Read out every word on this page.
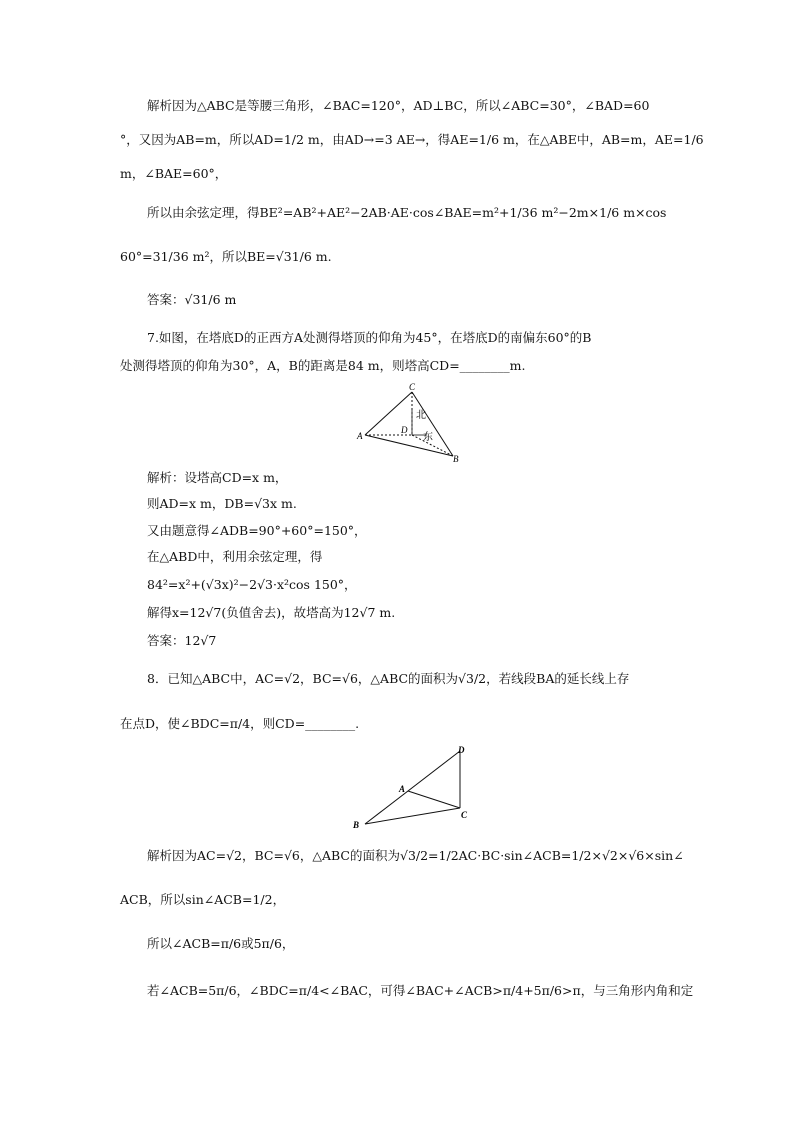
解析因为△ABC是等腰三角形，∠BAC=120°，AD⊥BC，所以∠ABC=30°，∠BAD=60
°，又因为AB=m，所以AD=1/2 m，由AD→=3 AE→，得AE=1/6 m，在△ABE中，AB=m，AE=1/6
m，∠BAE=60°，
所以由余弦定理，得BE²=AB²+AE²−2AB·AE·cos∠BAE=m²+1/36 m²−2m×1/6 m×cos
60°=31/36 m²，所以BE=√31/6 m.
答案：√31/6 m
7.如图，在塔底D的正西方A处测得塔顶的仰角为45°，在塔底D的南偏东60°的B
处测得塔顶的仰角为30°，A，B的距离是84 m，则塔高CD=________m.
C
A
D
B
北
东
解析：设塔高CD=x m，
则AD=x m，DB=√3x m.
又由题意得∠ADB=90°+60°=150°，
在△ABD中，利用余弦定理，得
84²=x²+(√3x)²−2√3·x²cos 150°，
解得x=12√7(负值舍去)，故塔高为12√7 m.
答案：12√7
8．已知△ABC中，AC=√2，BC=√6，△ABC的面积为√3/2，若线段BA的延长线上存
在点D，使∠BDC=π/4，则CD=________.
D
A
C
B
解析因为AC=√2，BC=√6，△ABC的面积为√3/2=1/2AC·BC·sin∠ACB=1/2×√2×√6×sin∠
ACB，所以sin∠ACB=1/2，
所以∠ACB=π/6或5π/6，
若∠ACB=5π/6，∠BDC=π/4<∠BAC，可得∠BAC+∠ACB>π/4+5π/6>π，与三角形内角和定
